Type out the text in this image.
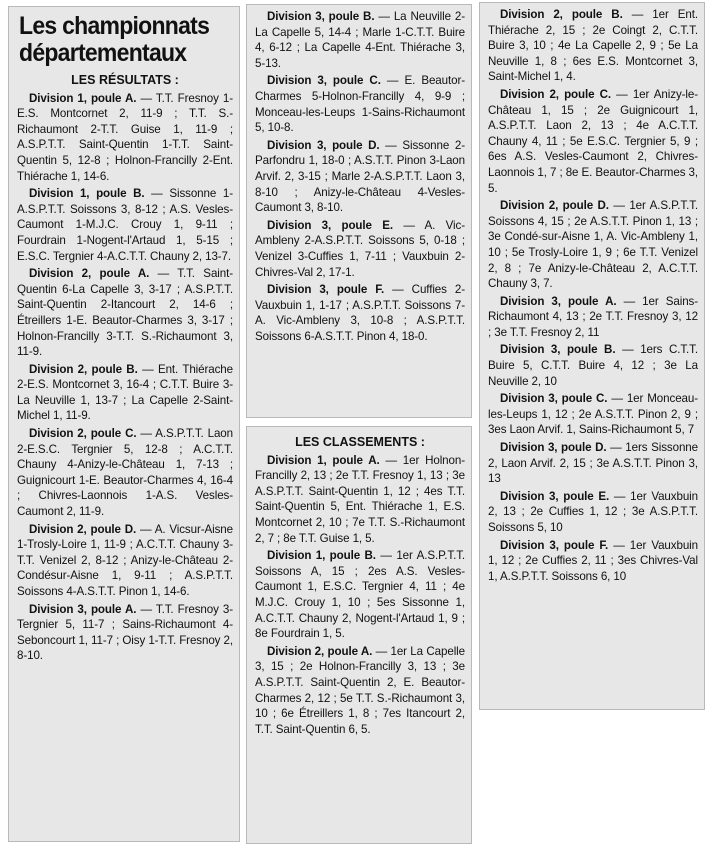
Les championnats
départementaux
LES RÉSULTATS :

Division 1, poule A. — T.T. Fresnoy 1- E.S. Montcornet 2, 11-9 ; T.T. S.-Richaumont 2-T.T. Guise 1, 11-9 ; A.S.P.T.T. Saint-Quentin 1-T.T. Saint-Quentin 5, 12-8 ; Holnon-Francilly 2-Ent. Thiérache 1, 14-6.

Division 1, poule B. — Sissonne 1-A.S.P.T.T. Soissons 3, 8-12 ; A.S. Vesles-Caumont 1-M.J.C. Crouy 1, 9-11 ; Fourdrain 1-Nogent-l'Artaud 1, 5-15 ; E.S.C. Tergnier 4-A.C.T.T. Chauny 2, 13-7.

Division 2, poule A. — T.T. Saint-Quentin 6-La Capelle 3, 3-17 ; A.S.P.T.T. Saint-Quentin 2-Itancourt 2, 14-6 ; Étreillers 1-E. Beautor-Charmes 3, 3-17 ; Holnon-Francilly 3-T.T. S.-Richaumont 3, 11-9.

Division 2, poule B. — Ent. Thiérache 2-E.S. Montcornet 3, 16-4 ; C.T.T. Buire 3-La Neuville 1, 13-7 ; La Capelle 2-Saint-Michel 1, 11-9.

Division 2, poule C. — A.S.P.T.T. Laon 2-E.S.C. Tergnier 5, 12-8 ; A.C.T.T. Chauny 4-Anizy-le-Château 1, 7-13 ; Guignicourt 1-E. Beautor-Charmes 4, 16-4 ; Chivres-Laonnois 1-A.S. Vesles-Caumont 2, 11-9.

Division 2, poule D. — A. Vicsur-Aisne 1-Trosly-Loire 1, 11-9 ; A.C.T.T. Chauny 3-T.T. Venizel 2, 8-12 ; Anizy-le-Château 2-Condésur-Aisne 1, 9-11 ; A.S.P.T.T. Soissons 4-A.S.T.T. Pinon 1, 14-6.

Division 3, poule A. — T.T. Fresnoy 3-Tergnier 5, 11-7 ; Sains-Richaumont 4-Seboncourt 1, 11-7 ; Oisy 1-T.T. Fresnoy 2, 8-10.

Division 3, poule B. — La Neuville 2-La Capelle 5, 14-4 ; Marle 1-C.T.T. Buire 4, 6-12 ; La Capelle 4-Ent. Thiérache 3, 5-13.

Division 3, poule C. — E. Beautor-Charmes 5-Holnon-Francilly 4, 9-9 ; Monceau-les-Leups 1-Sains-Richaumont 5, 10-8.

Division 3, poule D. — Sissonne 2-Parfondru 1, 18-0 ; A.S.T.T. Pinon 3-Laon Arvif. 2, 3-15 ; Marle 2-A.S.P.T.T. Laon 3, 8-10 ; Anizy-le-Château 4-Vesles-Caumont 3, 8-10.

Division 3, poule E. — A. Vic-Ambleny 2-A.S.P.T.T. Soissons 5, 0-18 ; Venizel 3-Cuffies 1, 7-11 ; Vauxbuin 2-Chivres-Val 2, 17-1.

Division 3, poule F. — Cuffies 2-Vauxbuin 1, 1-17 ; A.S.P.T.T. Soissons 7-A. Vic-Ambleny 3, 10-8 ; A.S.P.T.T. Soissons 6-A.S.T.T. Pinon 4, 18-0.

LES CLASSEMENTS :

Division 1, poule A. — 1er Holnon-Francilly 2, 13 ; 2e T.T. Fresnoy 1, 13 ; 3e A.S.P.T.T. Saint-Quentin 1, 12 ; 4es T.T. Saint-Quentin 5, Ent. Thiérache 1, E.S. Montcornet 2, 10 ; 7e T.T. S.-Richaumont 2, 7 ; 8e T.T. Guise 1, 5.

Division 1, poule B. — 1er A.S.P.T.T. Soissons A, 15 ; 2es A.S. Vesles-Caumont 1, E.S.C. Tergnier 4, 11 ; 4e M.J.C. Crouy 1, 10 ; 5es Sissonne 1, A.C.T.T. Chauny 2, Nogent-l'Artaud 1, 9 ; 8e Fourdrain 1, 5.

Division 2, poule A. — 1er La Capelle 3, 15 ; 2e Holnon-Francilly 3, 13 ; 3e A.S.P.T.T. Saint-Quentin 2, E. Beautor-Charmes 2, 12 ; 5e T.T. S.-Richaumont 3, 10 ; 6e Étreillers 1, 8 ; 7es Itancourt 2, T.T. Saint-Quentin 6, 5.

Division 2, poule B. — 1er Ent. Thiérache 2, 15 ; 2e Coingt 2, C.T.T. Buire 3, 10 ; 4e La Capelle 2, 9 ; 5e La Neuville 1, 8 ; 6es E.S. Montcornet 3, Saint-Michel 1, 4.

Division 2, poule C. — 1er Anizy-le-Château 1, 15 ; 2e Guignicourt 1, A.S.P.T.T. Laon 2, 13 ; 4e A.C.T.T. Chauny 4, 11 ; 5e E.S.C. Tergnier 5, 9 ; 6es A.S. Vesles-Caumont 2, Chivres-Laonnois 1, 7 ; 8e E. Beautor-Charmes 3, 5.

Division 2, poule D. — 1er A.S.P.T.T. Soissons 4, 15 ; 2e A.S.T.T. Pinon 1, 13 ; 3e Condé-sur-Aisne 1, A. Vic-Ambleny 1, 10 ; 5e Trosly-Loire 1, 9 ; 6e T.T. Venizel 2, 8 ; 7e Anizy-le-Château 2, A.C.T.T. Chauny 3, 7.

Division 3, poule A. — 1er Sains-Richaumont 4, 13 ; 2e T.T. Fresnoy 3, 12 ; 3e T.T. Fresnoy 2, 11

Division 3, poule B. — 1ers C.T.T. Buire 5, C.T.T. Buire 4, 12 ; 3e La Neuville 2, 10

Division 3, poule C. — 1er Monceau-les-Leups 1, 12 ; 2e A.S.T.T. Pinon 2, 9 ; 3es Laon Arvif. 1, Sains-Richaumont 5, 7

Division 3, poule D. — 1ers Sissonne 2, Laon Arvif. 2, 15 ; 3e A.S.T.T. Pinon 3, 13

Division 3, poule E. — 1er Vauxbuin 2, 13 ; 2e Cuffies 1, 12 ; 3e A.S.P.T.T. Soissons 5, 10

Division 3, poule F. — 1er Vauxbuin 1, 12 ; 2e Cuffies 2, 11 ; 3es Chivres-Val 1, A.S.P.T.T. Soissons 6, 10
